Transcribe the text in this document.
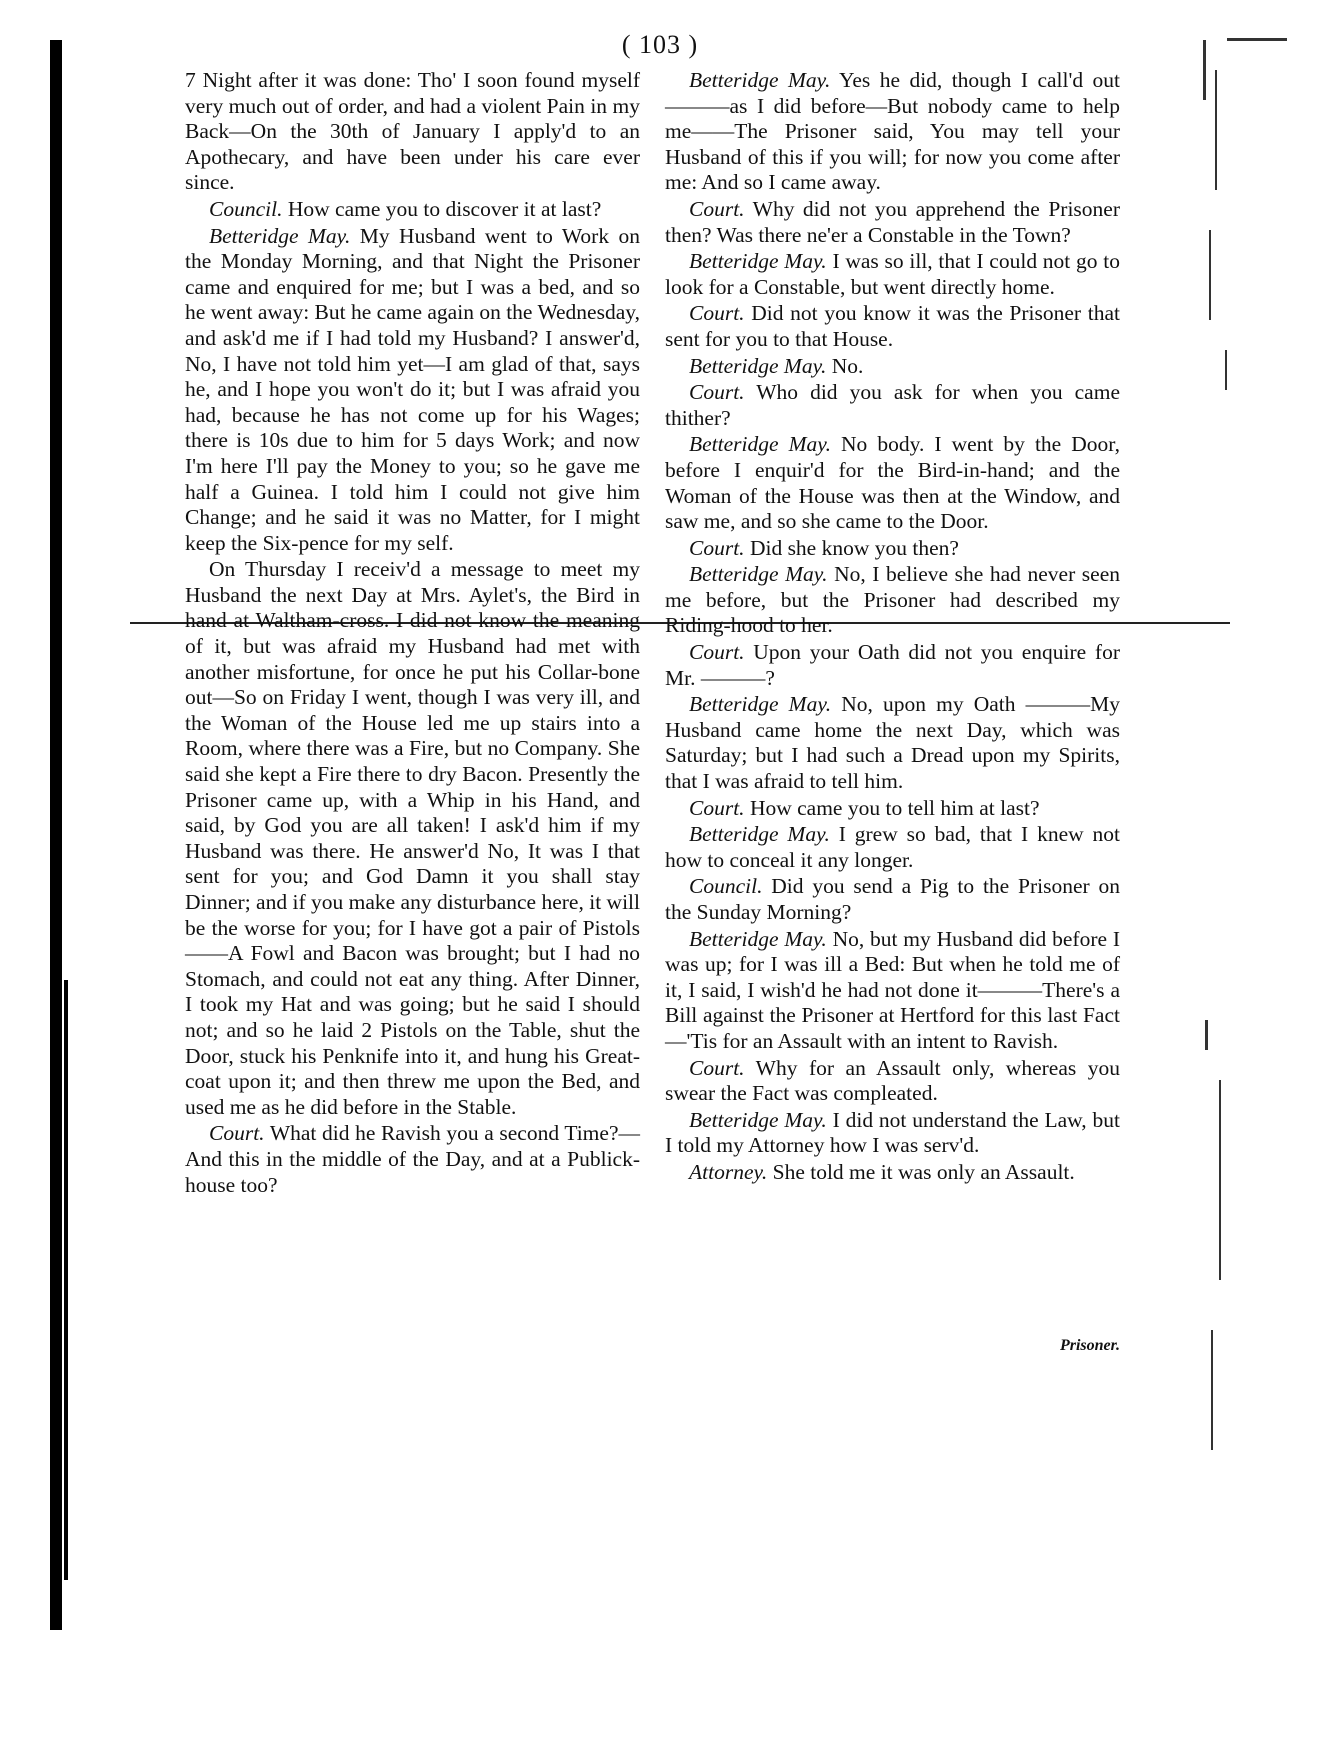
( 103 )

7 Night after it was done: Tho' I soon found myself very much out of order, and had a violent Pain in my Back—On the 30th of January I apply'd to an Apothecary, and have been under his care ever since.

Council. How came you to discover it at last?

Betteridge May. My Husband went to Work on the Monday Morning, and that Night the Prisoner came and enquired for me; but I was a bed, and so he went away: But he came again on the Wednesday, and ask'd me if I had told my Husband? I answer'd, No, I have not told him yet—I am glad of that, says he, and I hope you won't do it; but I was afraid you had, because he has not come up for his Wages; there is 10s due to him for 5 days Work; and now I'm here I'll pay the Money to you; so he gave me half a Guinea. I told him I could not give him Change; and he said it was no Matter, for I might keep the Six-pence for my self.

On Thursday I receiv'd a message to meet my Husband the next Day at Mrs. Aylet's, the Bird in hand at Waltham-cross. I did not know the meaning of it, but was afraid my Husband had met with another misfortune, for once he put his Collar-bone out—So on Friday I went, though I was very ill, and the Woman of the House led me up stairs into a Room, where there was a Fire, but no Company. She said she kept a Fire there to dry Bacon. Presently the Prisoner came up, with a Whip in his Hand, and said, by God you are all taken! I ask'd him if my Husband was there. He answer'd No, It was I that sent for you; and God Damn it you shall stay Dinner; and if you make any disturbance here, it will be the worse for you; for I have got a pair of Pistols——A Fowl and Bacon was brought; but I had no Stomach, and could not eat any thing. After Dinner, I took my Hat and was going; but he said I should not; and so he laid 2 Pistols on the Table, shut the Door, stuck his Penknife into it, and hung his Great-coat upon it; and then threw me upon the Bed, and used me as he did before in the Stable.

Court. What did he Ravish you a second Time?—And this in the middle of the Day, and at a Publick-house too?

Betteridge May. Yes he did, though I call'd out———as I did before—But nobody came to help me——The Prisoner said, You may tell your Husband of this if you will; for now you come after me: And so I came away.

Court. Why did not you apprehend the Prisoner then? Was there ne'er a Constable in the Town?

Betteridge May. I was so ill, that I could not go to look for a Constable, but went directly home.

Court. Did not you know it was the Prisoner that sent for you to that House.

Betteridge May. No.

Court. Who did you ask for when you came thither?

Betteridge May. No body. I went by the Door, before I enquir'd for the Bird-in-hand; and the Woman of the House was then at the Window, and saw me, and so she came to the Door.

Court. Did she know you then?

Betteridge May. No, I believe she had never seen me before, but the Prisoner had described my Riding-hood to her.

Court. Upon your Oath did not you enquire for Mr. ———?

Betteridge May. No, upon my Oath ———My Husband came home the next Day, which was Saturday; but I had such a Dread upon my Spirits, that I was afraid to tell him.

Court. How came you to tell him at last?

Betteridge May. I grew so bad, that I knew not how to conceal it any longer.

Council. Did you send a Pig to the Prisoner on the Sunday Morning?

Betteridge May. No, but my Husband did before I was up; for I was ill a Bed: But when he told me of it, I said, I wish'd he had not done it———There's a Bill against the Prisoner at Hertford for this last Fact—'Tis for an Assault with an intent to Ravish.

Court. Why for an Assault only, whereas you swear the Fact was compleated.

Betteridge May. I did not understand the Law, but I told my Attorney how I was serv'd.

Attorney. She told me it was only an Assault.

Prisoner.
